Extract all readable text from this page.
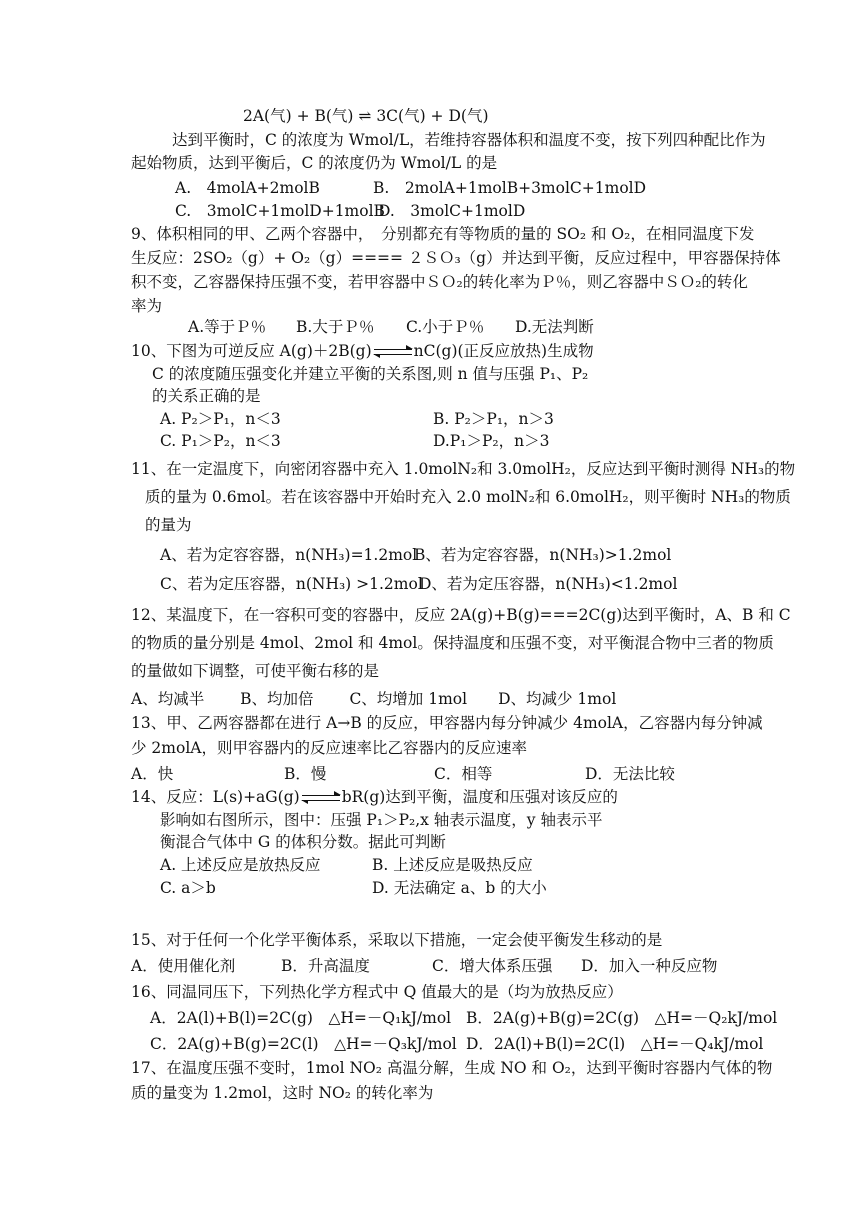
2A(气) + B(气) ⇌ 3C(气) + D(气)
达到平衡时，C 的浓度为 Wmol/L，若维持容器体积和温度不变，按下列四种配比作为
起始物质，达到平衡后，C 的浓度仍为 Wmol/L 的是
A.　4molA+2molB	B.　2molA+1molB+3molC+1molD
C.　3molC+1molD+1molB
D.　3molC+1molD
9、体积相同的甲、乙两个容器中，　分别都充有等物质的量的 SO₂ 和 O₂，在相同温度下发
生反应：2SO₂（g）+ O₂（g）==== ２ＳＯ₃（g）并达到平衡，反应过程中，甲容器保持体
积不变，乙容器保持压强不变，若甲容器中ＳＯ₂的转化率为Ｐ％，则乙容器中ＳＯ₂的转化
率为
A.等于Ｐ％ B.大于Ｐ％ C.小于Ｐ％ D.无法判断
10、下图为可逆反应 A(g)＋2B(g) ⇌ nC(g)(正反应放热)生成物
C 的浓度随压强变化并建立平衡的关系图,则 n 值与压强 P₁、P₂
的关系正确的是
A. P₂＞P₁，n＜3	B. P₂＞P₁，n＞3
C. P₁＞P₂，n＜3	D.P₁＞P₂，n＞3
11、在一定温度下，向密闭容器中充入 1.0molN₂和 3.0molH₂，反应达到平衡时测得 NH₃的物
质的量为 0.6mol。若在该容器中开始时充入 2.0 molN₂和 6.0molH₂，则平衡时 NH₃的物质
的量为
A、若为定容容器，n(NH₃)=1.2mol
B、若为定容容器，n(NH₃)>1.2mol
C、若为定压容器，n(NH₃) >1.2mol
D、若为定压容器，n(NH₃)<1.2mol
12、某温度下，在一容积可变的容器中，反应 2A(g)+B(g)===2C(g)达到平衡时，A、B 和 C
的物质的量分别是 4mol、2mol 和 4mol。保持温度和压强不变，对平衡混合物中三者的物质
的量做如下调整，可使平衡右移的是
A、均减半　　 B、均加倍　　 C、均增加 1mol　　D、均减少 1mol
13、甲、乙两容器都在进行 A→B 的反应，甲容器内每分钟减少 4molA，乙容器内每分钟减
少 2molA，则甲容器内的反应速率比乙容器内的反应速率
A．快	B．慢	C．相等	D．无法比较
14、反应：L(s)+aG(g) ⇌ bR(g)达到平衡，温度和压强对该反应的
影响如右图所示，图中：压强 P₁＞P₂,x 轴表示温度，y 轴表示平
衡混合气体中 G 的体积分数。据此可判断
A. 上述反应是放热反应	B. 上述反应是吸热反应
C. a＞b	D. 无法确定 a、b 的大小
15、对于任何一个化学平衡体系，采取以下措施，一定会使平衡发生移动的是
A．使用催化剂	B．升高温度	C．增大体系压强 D．加入一种反应物
16、同温同压下，下列热化学方程式中 Q 值最大的是（均为放热反应）
A．2A(l)+B(l)=2C(g)　△H=－Q₁kJ/mol B．2A(g)+B(g)=2C(g)　△H=－Q₂kJ/mol
C．2A(g)+B(g)=2C(l)　△H=－Q₃kJ/mol D．2A(l)+B(l)=2C(l)　△H=－Q₄kJ/mol
17、在温度压强不变时，1mol NO₂ 高温分解，生成 NO 和 O₂，达到平衡时容器内气体的物
质的量变为 1.2mol，这时 NO₂ 的转化率为
